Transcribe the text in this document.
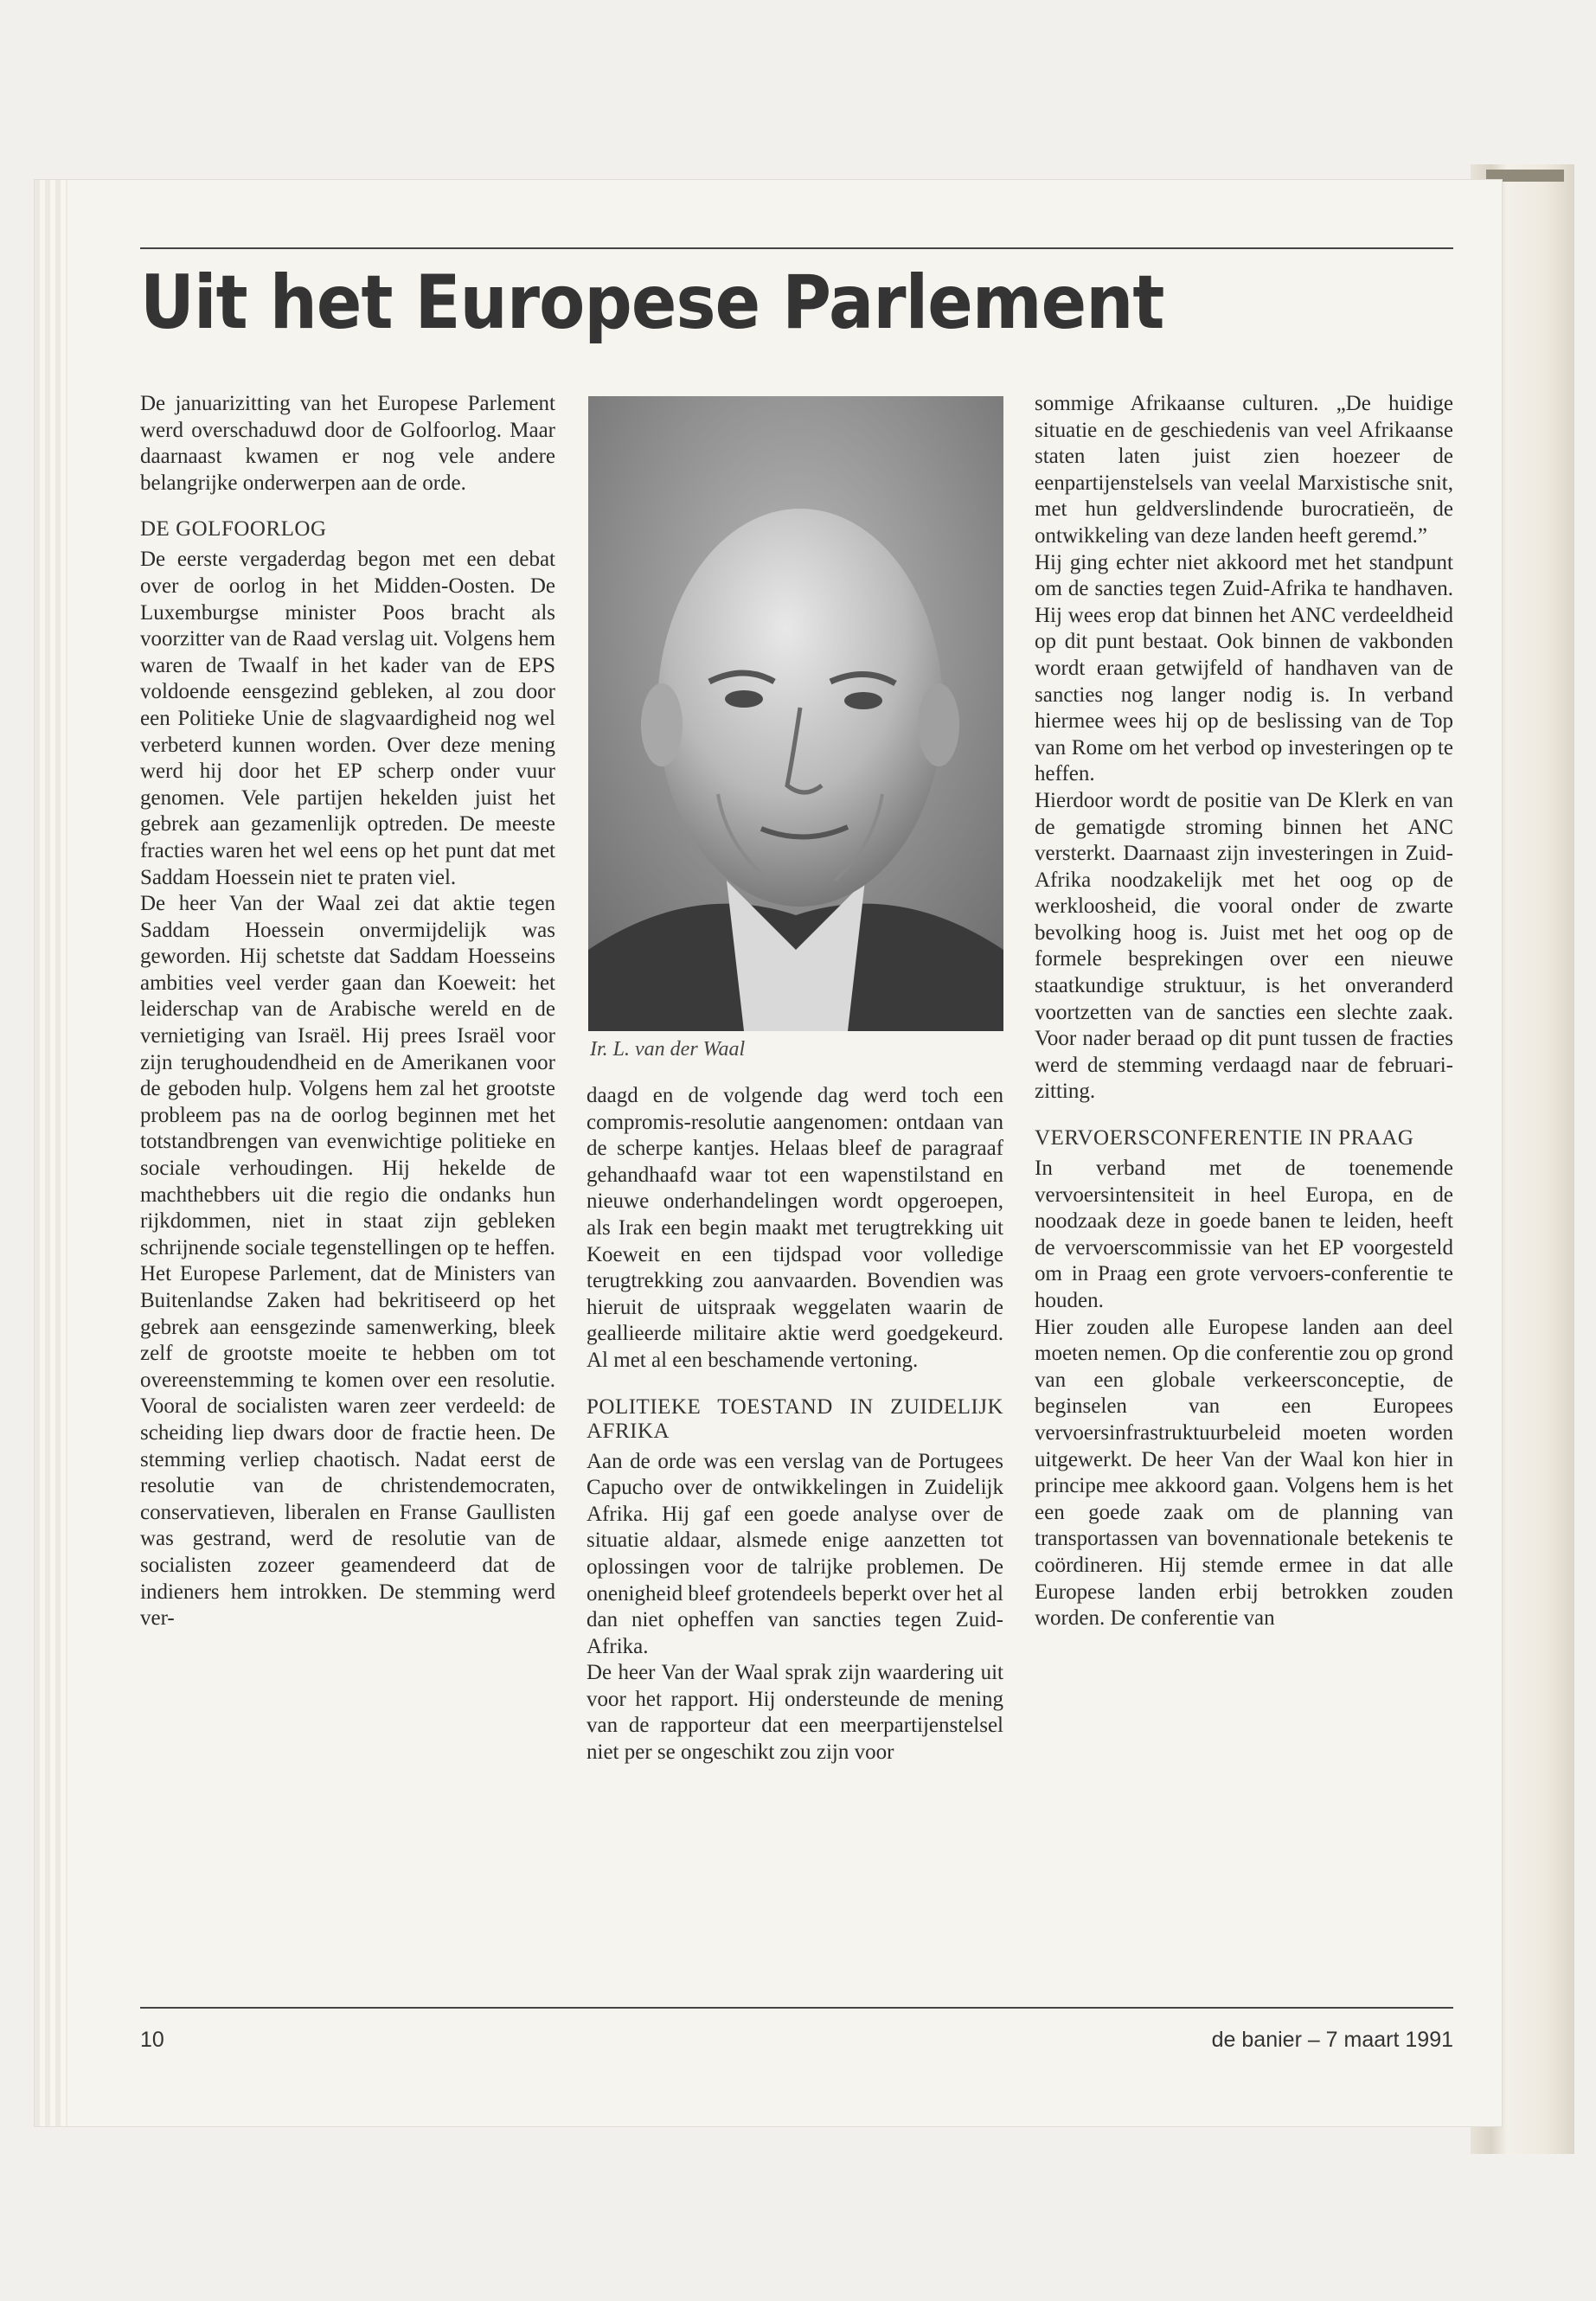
Uit het Europese Parlement

De januarizitting van het Europese Parlement werd overschaduwd door de Golfoorlog. Maar daarnaast kwamen er nog vele andere belangrijke onderwerpen aan de orde.

DE GOLFOORLOG

De eerste vergaderdag begon met een debat over de oorlog in het Midden-Oosten. De Luxemburgse minister Poos bracht als voorzitter van de Raad verslag uit. Volgens hem waren de Twaalf in het kader van de EPS voldoende eensgezind gebleken, al zou door een Politieke Unie de slagvaardigheid nog wel verbeterd kunnen worden. Over deze mening werd hij door het EP scherp onder vuur genomen. Vele partijen hekelden juist het gebrek aan gezamenlijk optreden. De meeste fracties waren het wel eens op het punt dat met Saddam Hoessein niet te praten viel.

De heer Van der Waal zei dat aktie tegen Saddam Hoessein onvermijdelijk was geworden. Hij schetste dat Saddam Hoesseins ambities veel verder gaan dan Koeweit: het leiderschap van de Arabische wereld en de vernietiging van Israël. Hij prees Israël voor zijn terughoudendheid en de Amerikanen voor de geboden hulp. Volgens hem zal het grootste probleem pas na de oorlog beginnen met het totstandbrengen van evenwichtige politieke en sociale verhoudingen. Hij hekelde de machthebbers uit die regio die ondanks hun rijkdommen, niet in staat zijn gebleken schrijnende sociale tegenstellingen op te heffen.

Het Europese Parlement, dat de Ministers van Buitenlandse Zaken had bekritiseerd op het gebrek aan eensgezinde samenwerking, bleek zelf de grootste moeite te hebben om tot overeenstemming te komen over een resolutie. Vooral de socialisten waren zeer verdeeld: de scheiding liep dwars door de fractie heen. De stemming verliep chaotisch. Nadat eerst de resolutie van de christendemocraten, conservatieven, liberalen en Franse Gaullisten was gestrand, werd de resolutie van de socialisten zozeer geamendeerd dat de indieners hem introkken. De stemming werd ver-

Ir. L. van der Waal

daagd en de volgende dag werd toch een compromis-resolutie aangenomen: ontdaan van de scherpe kantjes. Helaas bleef de paragraaf gehandhaafd waar tot een wapenstilstand en nieuwe onderhandelingen wordt opgeroepen, als Irak een begin maakt met terugtrekking uit Koeweit en een tijdspad voor volledige terugtrekking zou aanvaarden. Bovendien was hieruit de uitspraak weggelaten waarin de geallieerde militaire aktie werd goedgekeurd. Al met al een beschamende vertoning.

POLITIEKE TOESTAND IN ZUIDELIJK AFRIKA

Aan de orde was een verslag van de Portugees Capucho over de ontwikkelingen in Zuidelijk Afrika. Hij gaf een goede analyse over de situatie aldaar, alsmede enige aanzetten tot oplossingen voor de talrijke problemen. De onenigheid bleef grotendeels beperkt over het al dan niet opheffen van sancties tegen Zuid-Afrika.

De heer Van der Waal sprak zijn waardering uit voor het rapport. Hij ondersteunde de mening van de rapporteur dat een meerpartijenstelsel niet per se ongeschikt zou zijn voor

sommige Afrikaanse culturen. „De huidige situatie en de geschiedenis van veel Afrikaanse staten laten juist zien hoezeer de eenpartijenstelsels van veelal Marxistische snit, met hun geldverslindende burocratieën, de ontwikkeling van deze landen heeft geremd.”

Hij ging echter niet akkoord met het standpunt om de sancties tegen Zuid-Afrika te handhaven. Hij wees erop dat binnen het ANC verdeeldheid op dit punt bestaat. Ook binnen de vakbonden wordt eraan getwijfeld of handhaven van de sancties nog langer nodig is. In verband hiermee wees hij op de beslissing van de Top van Rome om het verbod op investeringen op te heffen.

Hierdoor wordt de positie van De Klerk en van de gematigde stroming binnen het ANC versterkt. Daarnaast zijn investeringen in Zuid-Afrika noodzakelijk met het oog op de werkloosheid, die vooral onder de zwarte bevolking hoog is. Juist met het oog op de formele besprekingen over een nieuwe staatkundige struktuur, is het onveranderd voortzetten van de sancties een slechte zaak. Voor nader beraad op dit punt tussen de fracties werd de stemming verdaagd naar de februari-zitting.

VERVOERSCONFERENTIE IN PRAAG

In verband met de toenemende vervoersintensiteit in heel Europa, en de noodzaak deze in goede banen te leiden, heeft de vervoerscommissie van het EP voorgesteld om in Praag een grote vervoers-conferentie te houden.

Hier zouden alle Europese landen aan deel moeten nemen. Op die conferentie zou op grond van een globale verkeersconceptie, de beginselen van een Europees vervoersinfrastruktuurbeleid moeten worden uitgewerkt. De heer Van der Waal kon hier in principe mee akkoord gaan. Volgens hem is het een goede zaak om de planning van transportassen van bovennationale betekenis te coördineren. Hij stemde ermee in dat alle Europese landen erbij betrokken zouden worden. De conferentie van

10	de banier – 7 maart 1991
